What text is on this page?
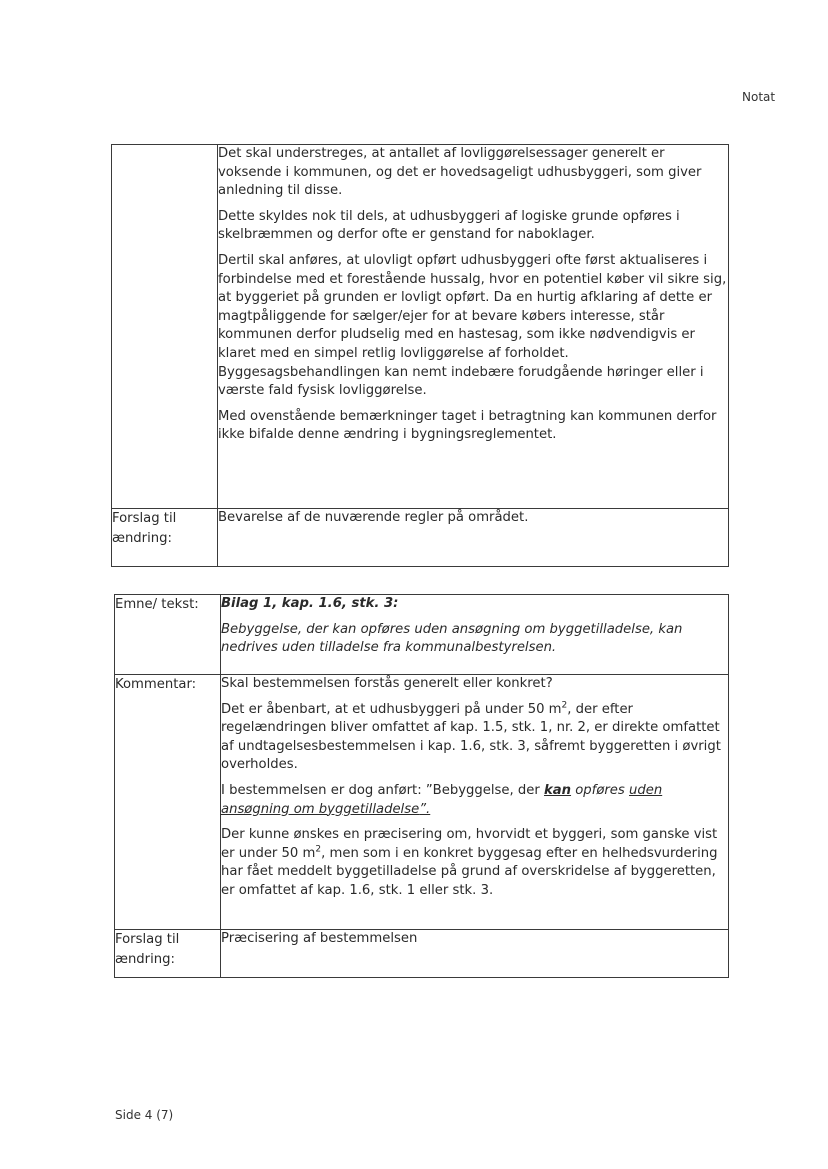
Notat

	Det skal understreges, at antallet af lovliggørelsessager generelt er voksende i kommunen, og det er hovedsageligt udhusbyggeri, som giver anledning til disse.

Dette skyldes nok til dels, at udhusbyggeri af logiske grunde opføres i skelbræmmen og derfor ofte er genstand for naboklager.

Dertil skal anføres, at ulovligt opført udhusbyggeri ofte først aktualiseres i forbindelse med et forestående hussalg, hvor en potentiel køber vil sikre sig, at byggeriet på grunden er lovligt opført. Da en hurtig afklaring af dette er magtpåliggende for sælger/ejer for at bevare købers interesse, står kommunen derfor pludselig med en hastesag, som ikke nødvendigvis er klaret med en simpel retlig lovliggørelse af forholdet. Byggesagsbehandlingen kan nemt indebære forudgående høringer eller i værste fald fysisk lovliggørelse.

Med ovenstående bemærkninger taget i betragtning kan kommunen derfor ikke bifalde denne ændring i bygningsreglementet.

Forslag til ændring:	Bevarelse af de nuværende regler på området.
Emne/ tekst:	Bilag 1, kap. 1.6, stk. 3:

Bebyggelse, der kan opføres uden ansøgning om byggetilladelse, kan nedrives uden tilladelse fra kommunalbestyrelsen.

Kommentar:	Skal bestemmelsen forstås generelt eller konkret?

Det er åbenbart, at et udhusbyggeri på under 50 $m^2$, der efter regelændringen bliver omfattet af kap. 1.5, stk. 1, nr. 2, er direkte omfattet af undtagelsesbestemmelsen i kap. 1.6, stk. 3, såfremt byggeretten i øvrigt overholdes.

I bestemmelsen er dog anført: ”Bebyggelse, der kan opføres uden ansøgning om byggetilladelse”.

Der kunne ønskes en præcisering om, hvorvidt et byggeri, som ganske vist er under 50 $m^2$, men som i en konkret byggesag efter en helhedsvurdering har fået meddelt byggetilladelse på grund af overskridelse af byggeretten, er omfattet af kap. 1.6, stk. 1 eller stk. 3.

Forslag til ændring:	Præcisering af bestemmelsen
Side 4 (7)
